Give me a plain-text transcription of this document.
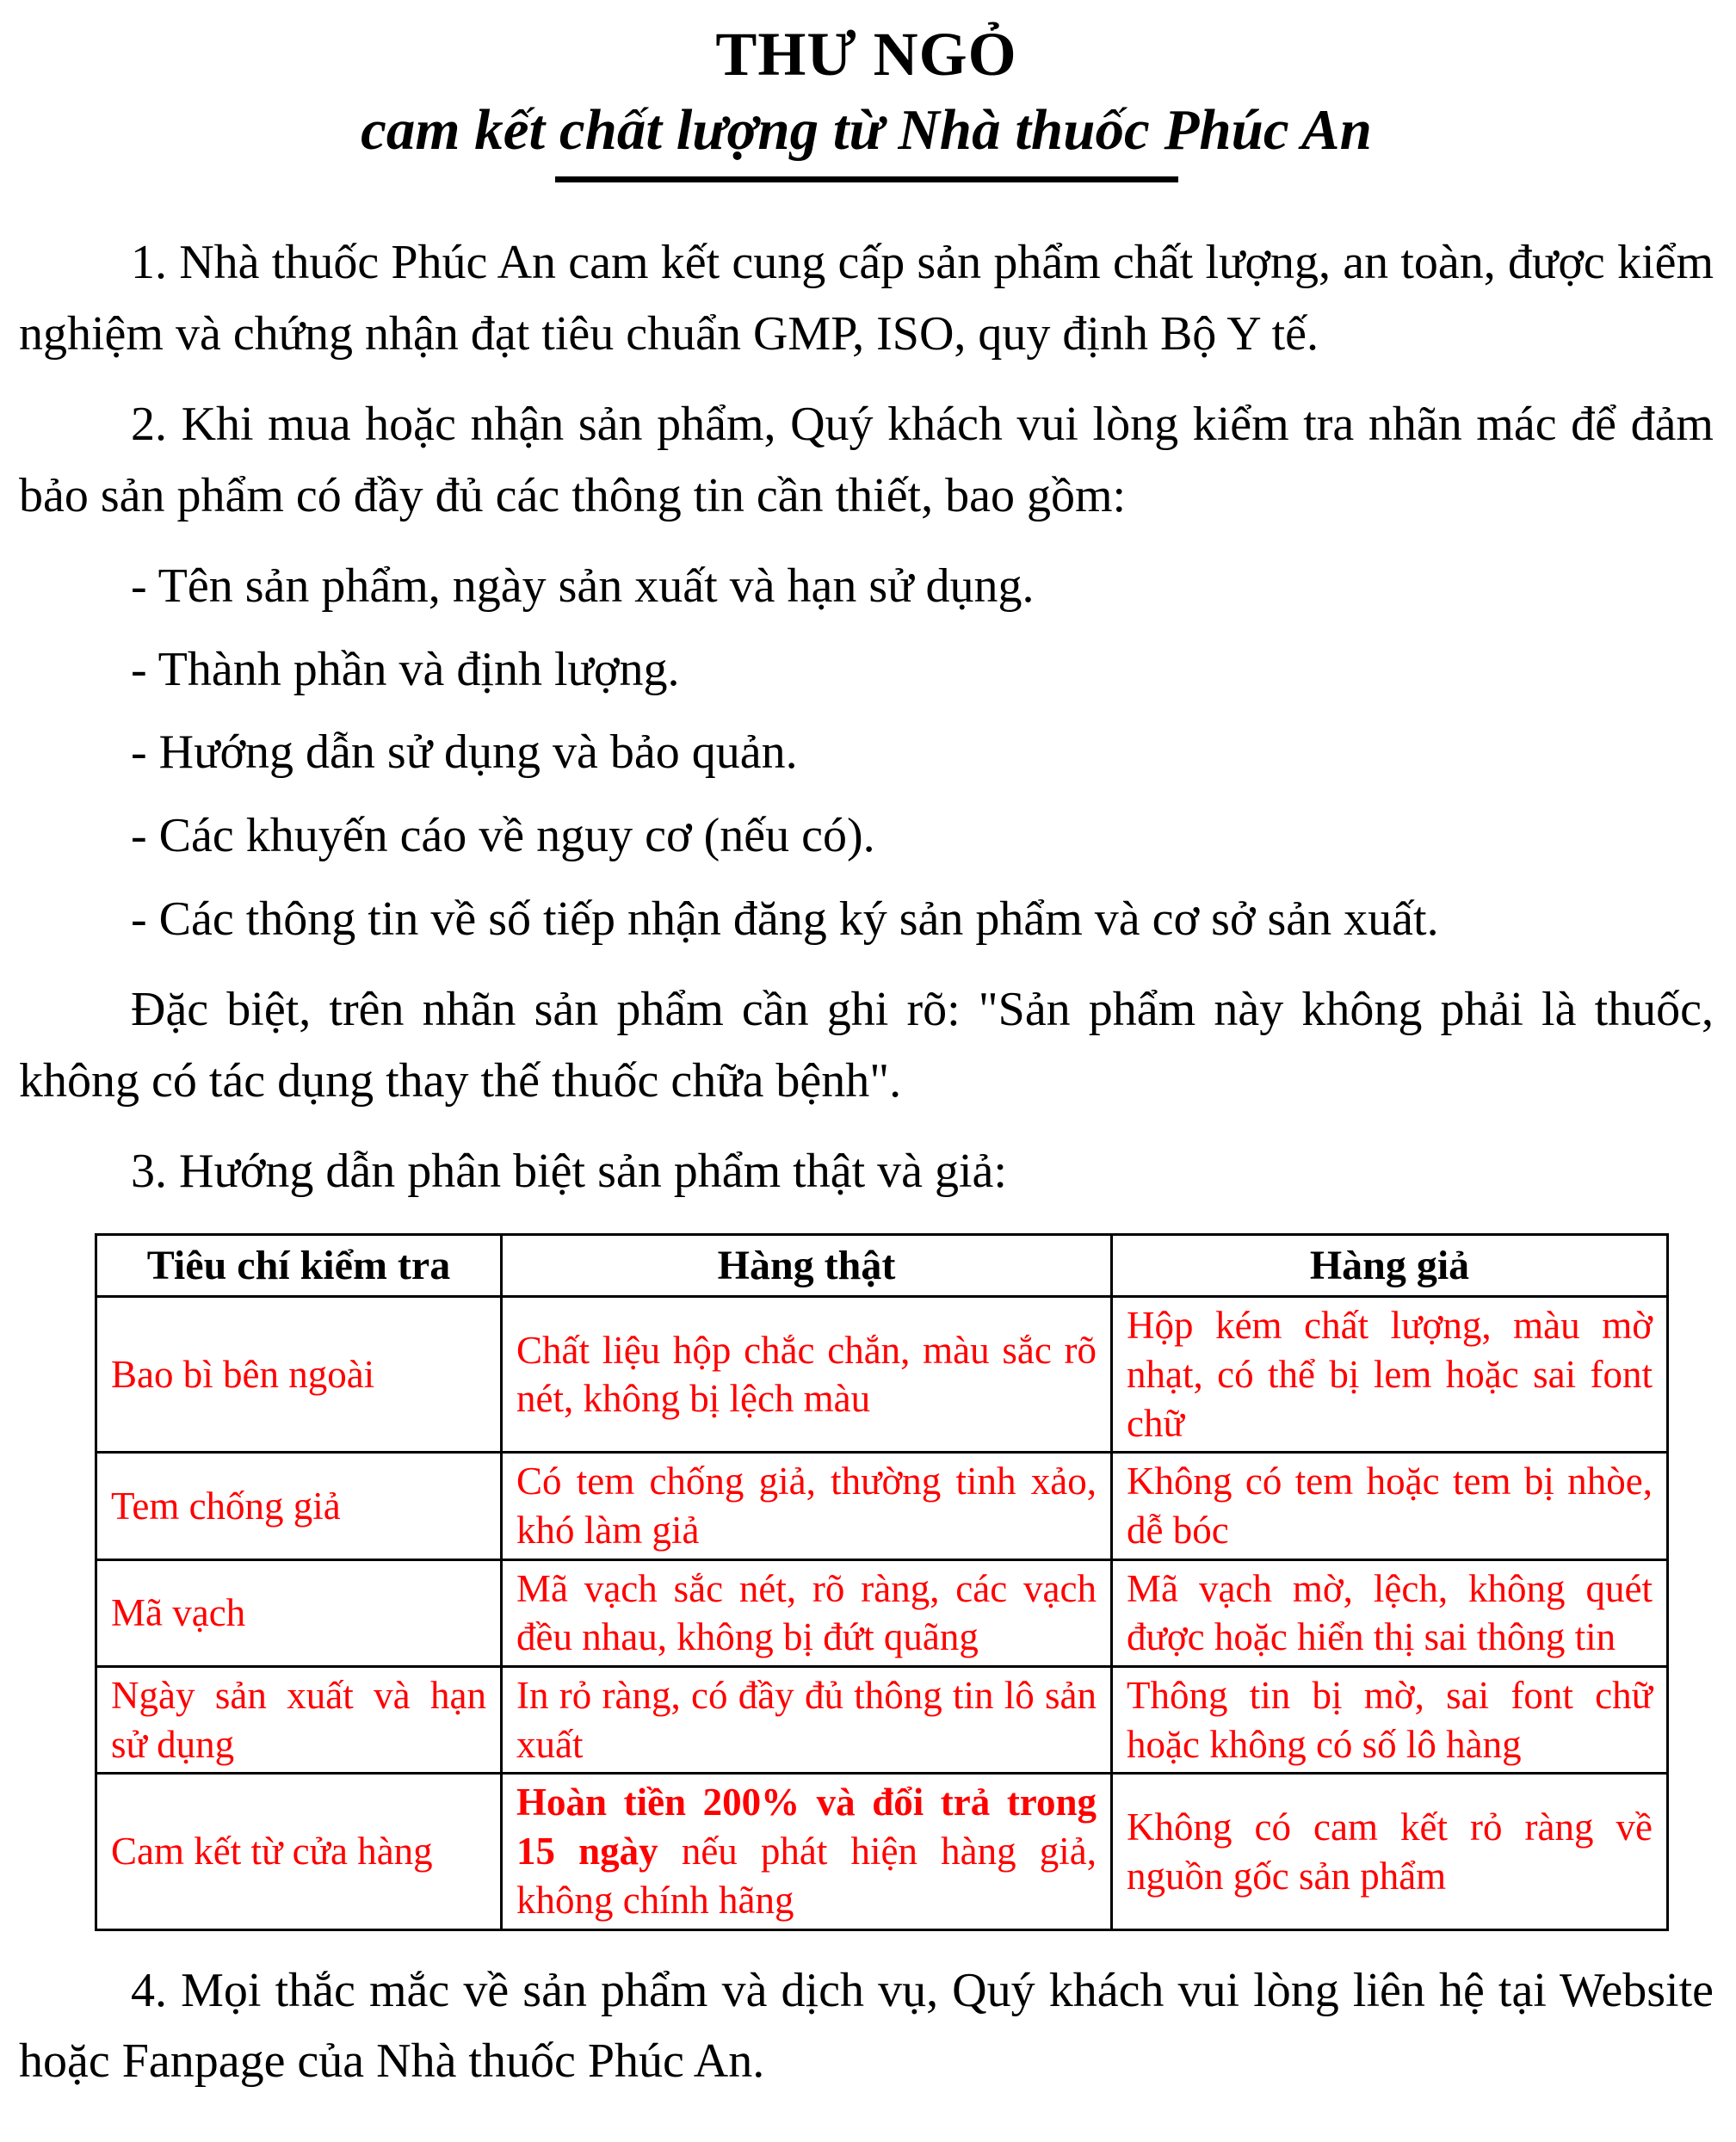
THƯ NGỎ
cam kết chất lượng từ Nhà thuốc Phúc An

1. Nhà thuốc Phúc An cam kết cung cấp sản phẩm chất lượng, an toàn, được kiểm nghiệm và chứng nhận đạt tiêu chuẩn GMP, ISO, quy định Bộ Y tế.

2. Khi mua hoặc nhận sản phẩm, Quý khách vui lòng kiểm tra nhãn mác để đảm bảo sản phẩm có đầy đủ các thông tin cần thiết, bao gồm:

- Tên sản phẩm, ngày sản xuất và hạn sử dụng.

- Thành phần và định lượng.

- Hướng dẫn sử dụng và bảo quản.

- Các khuyến cáo về nguy cơ (nếu có).

- Các thông tin về số tiếp nhận đăng ký sản phẩm và cơ sở sản xuất.

Đặc biệt, trên nhãn sản phẩm cần ghi rõ: "Sản phẩm này không phải là thuốc, không có tác dụng thay thế thuốc chữa bệnh".

3. Hướng dẫn phân biệt sản phẩm thật và giả:

Tiêu chí kiểm tra	Hàng thật	Hàng giả
Bao bì bên ngoài	Chất liệu hộp chắc chắn, màu sắc rõ nét, không bị lệch màu	Hộp kém chất lượng, màu mờ nhạt, có thể bị lem hoặc sai font chữ
Tem chống giả	Có tem chống giả, thường tinh xảo, khó làm giả	Không có tem hoặc tem bị nhòe, dễ bóc
Mã vạch	Mã vạch sắc nét, rõ ràng, các vạch đều nhau, không bị đứt quãng	Mã vạch mờ, lệch, không quét được hoặc hiển thị sai thông tin
Ngày sản xuất và hạn sử dụng	In rỏ ràng, có đầy đủ thông tin lô sản xuất	Thông tin bị mờ, sai font chữ hoặc không có số lô hàng
Cam kết từ cửa hàng	Hoàn tiền 200% và đổi trả trong 15 ngày nếu phát hiện hàng giả, không chính hãng	Không có cam kết rỏ ràng về nguồn gốc sản phẩm

4. Mọi thắc mắc về sản phẩm và dịch vụ, Quý khách vui lòng liên hệ tại Website hoặc Fanpage của Nhà thuốc Phúc An.
